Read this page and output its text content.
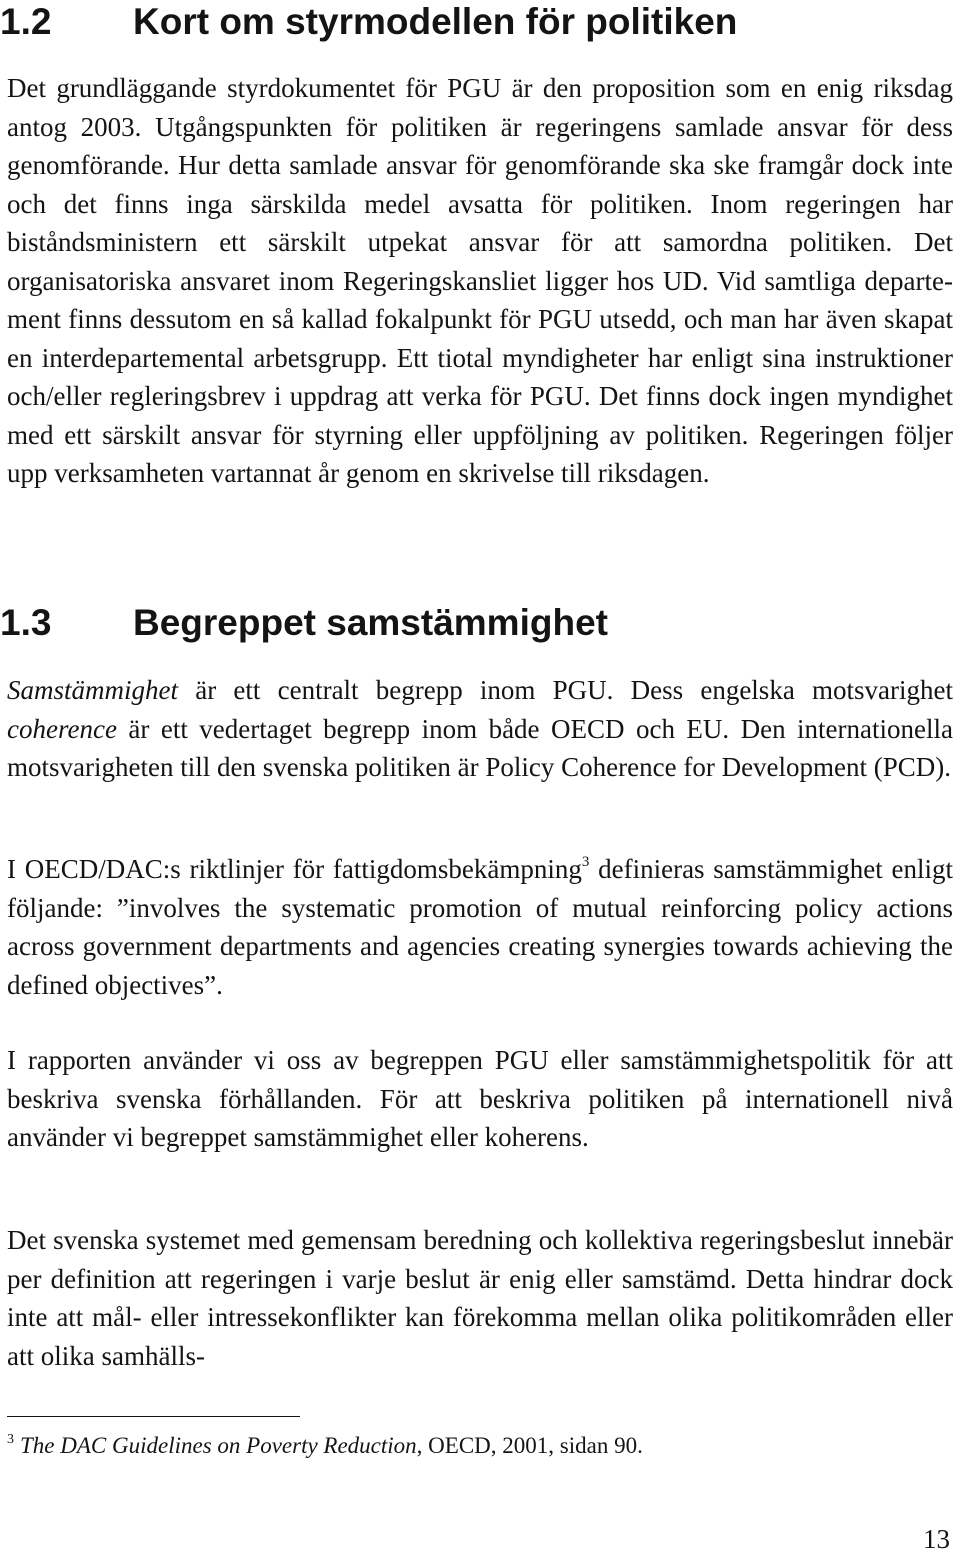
1.2 Kort om styrmodellen för politiken

Det grundläggande styrdokumentet för PGU är den proposition som en enig riksdag antog 2003. Utgångspunkten för politiken är regeringens samlade ansvar för dess genomförande. Hur detta samlade ansvar för genomförande ska ske framgår dock inte och det finns inga särskilda medel avsatta för politiken. Inom regeringen har biståndsministern ett särskilt utpekat ansvar för att samordna politiken. Det organisatoriska ansvaret inom Regeringskansliet ligger hos UD. Vid samtliga departement finns dessutom en så kallad fokalpunkt för PGU utsedd, och man har även skapat en interdepartemental arbetsgrupp. Ett tiotal myndigheter har enligt sina instruktioner och/eller regleringsbrev i uppdrag att verka för PGU. Det finns dock ingen myndighet med ett särskilt ansvar för styrning eller uppföljning av politiken. Regeringen följer upp verksamheten vartannat år genom en skrivelse till riksdagen.

1.3 Begreppet samstämmighet

Samstämmighet är ett centralt begrepp inom PGU. Dess engelska motsvarighet coherence är ett vedertaget begrepp inom både OECD och EU. Den internationella motsvarigheten till den svenska politiken är Policy Coherence for Development (PCD).

I OECD/DAC:s riktlinjer för fattigdomsbekämpning$^3$ definieras samstämmighet enligt följande: ”involves the systematic promotion of mutual reinforcing policy actions across government departments and agencies creating synergies towards achieving the defined objectives”.

I rapporten använder vi oss av begreppen PGU eller samstämmighetspolitik för att beskriva svenska förhållanden. För att beskriva politiken på internationell nivå använder vi begreppet samstämmighet eller koherens.

Det svenska systemet med gemensam beredning och kollektiva regeringsbeslut innebär per definition att regeringen i varje beslut är enig eller samstämd. Detta hindrar dock inte att mål- eller intressekonflikter kan förekomma mellan olika politikområden eller att olika samhälls-

$^3$ The DAC Guidelines on Poverty Reduction, OECD, 2001, sidan 90.

13
